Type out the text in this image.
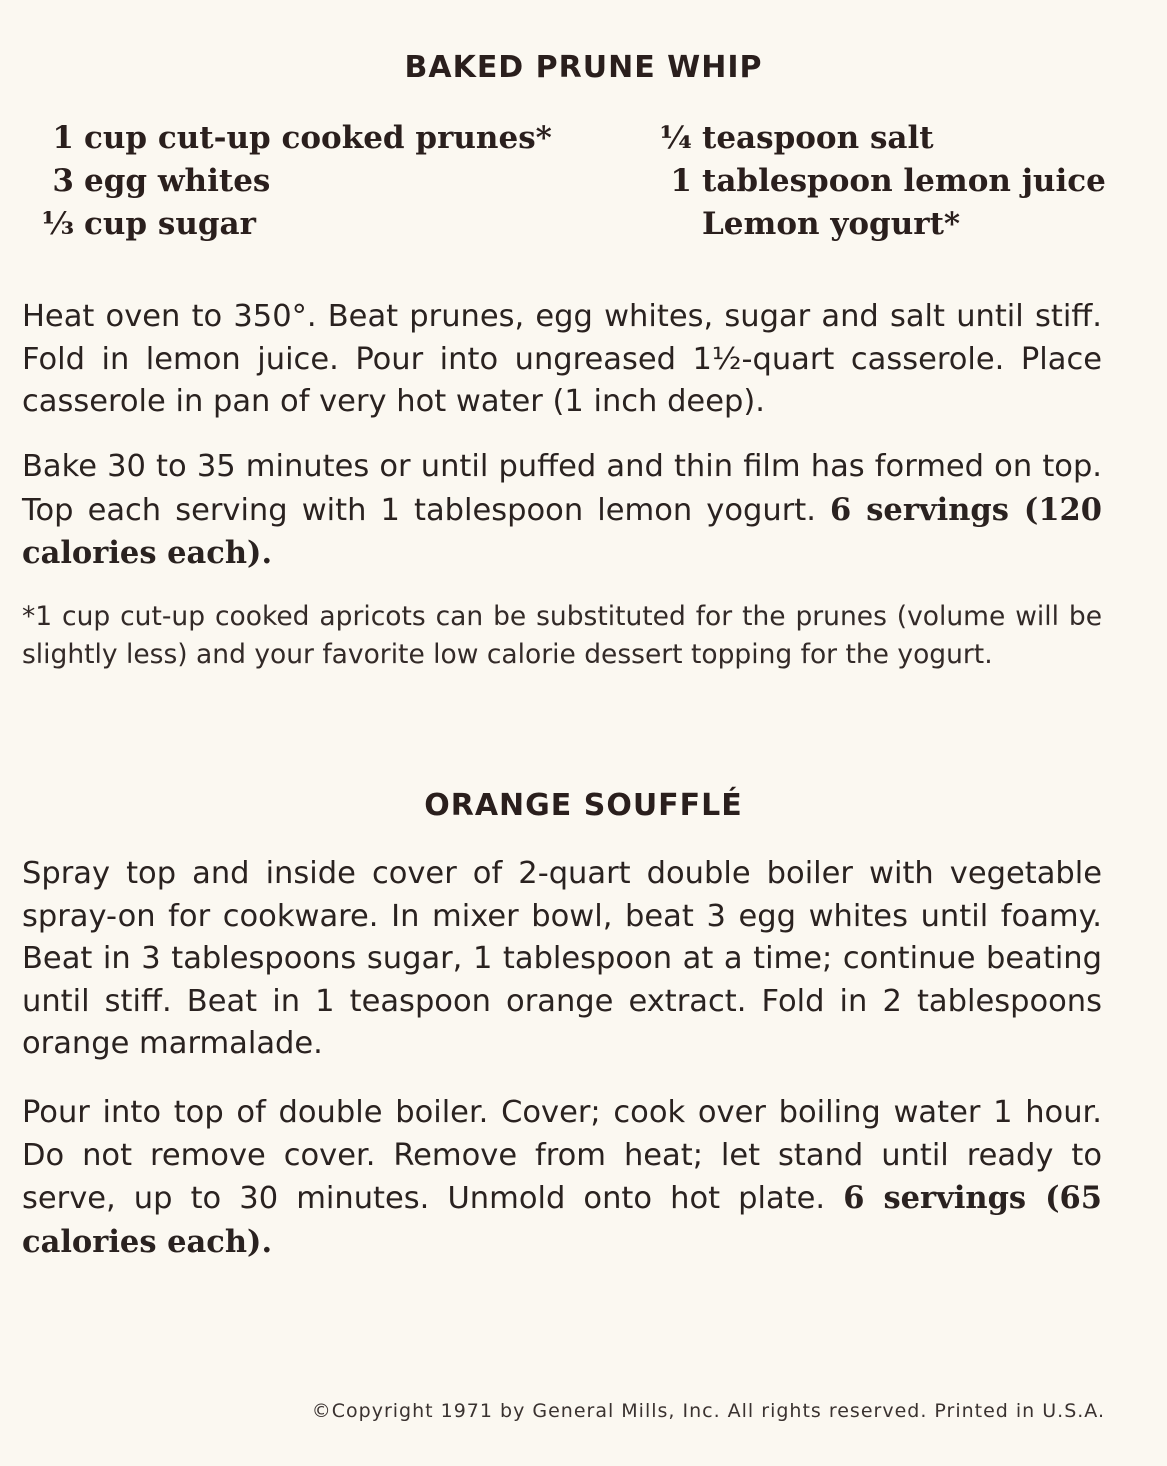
BAKED PRUNE WHIP
1 cup cut-up cooked prunes*
3 egg whites
⅓ cup sugar
¼ teaspoon salt
1 tablespoon lemon juice
Lemon yogurt*

Heat oven to 350°. Beat prunes, egg whites, sugar and salt until stiff. Fold in lemon juice. Pour into ungreased 1½-quart casserole. Place casserole in pan of very hot water (1 inch deep).

Bake 30 to 35 minutes or until puffed and thin film has formed on top. Top each serving with 1 tablespoon lemon yogurt. 6 servings (120 calories each).

*1 cup cut-up cooked apricots can be substituted for the prunes (volume will be slightly less) and your favorite low calorie dessert topping for the yogurt.

ORANGE SOUFFLÉ

Spray top and inside cover of 2-quart double boiler with vegetable spray-on for cookware. In mixer bowl, beat 3 egg whites until foamy. Beat in 3 tablespoons sugar, 1 tablespoon at a time; continue beating until stiff. Beat in 1 teaspoon orange extract. Fold in 2 tablespoons orange marmalade.

Pour into top of double boiler. Cover; cook over boiling water 1 hour. Do not remove cover. Remove from heat; let stand until ready to serve, up to 30 minutes. Unmold onto hot plate. 6 servings (65 calories each).

©Copyright 1971 by General Mills, Inc. All rights reserved. Printed in U.S.A.
